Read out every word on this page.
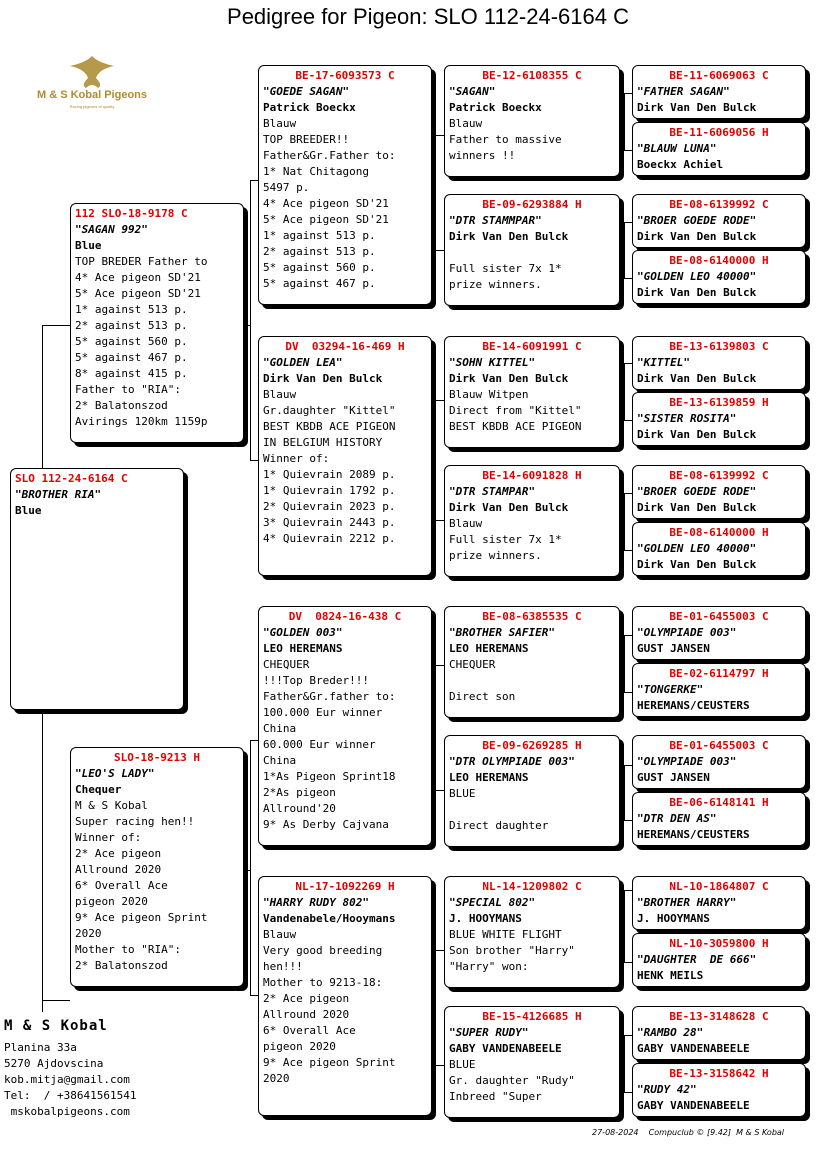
Pedigree for Pigeon: SLO 112-24-6164 C
M & S Kobal Pigeons
Racing pigeons of quality
SLO 112-24-6164 C
"BROTHER RIA"
Blue
112 SLO-18-9178 C
"SAGAN 992"
Blue
TOP BREDER Father to
4* Ace pigeon SD'21
5* Ace pigeon SD'21
1* against 513 p.
2* against 513 p.
5* against 560 p.
5* against 467 p.
8* against 415 p.
Father to "RIA":
2* Balatonszod
Avirings 120km 1159p
SLO-18-9213 H
"LEO'S LADY"
Chequer
M & S Kobal
Super racing hen!!
Winner of:
2* Ace pigeon
Allround 2020
6* Overall Ace
pigeon 2020
9* Ace pigeon Sprint
2020
Mother to "RIA":
2* Balatonszod
BE-17-6093573 C
"GOEDE SAGAN"
Patrick Boeckx
Blauw
TOP BREEDER!!
Father&Gr.Father to:
1* Nat Chitagong
5497 p.
4* Ace pigeon SD'21
5* Ace pigeon SD'21
1* against 513 p.
2* against 513 p.
5* against 560 p.
5* against 467 p.
DV  03294-16-469 H
"GOLDEN LEA"
Dirk Van Den Bulck
Blauw
Gr.daughter "Kittel"
BEST KBDB ACE PIGEON
IN BELGIUM HISTORY
Winner of:
1* Quievrain 2089 p.
1* Quievrain 1792 p.
2* Quievrain 2023 p.
3* Quievrain 2443 p.
4* Quievrain 2212 p.
DV  0824-16-438 C
"GOLDEN 003"
LEO HEREMANS
CHEQUER
!!!Top Breder!!!
Father&Gr.father to:
100.000 Eur winner
China
60.000 Eur winner
China
1*As Pigeon Sprint18
2*As pigeon
Allround'20
9* As Derby Cajvana
NL-17-1092269 H
"HARRY RUDY 802"
Vandenabele/Hooymans
Blauw
Very good breeding
hen!!!
Mother to 9213-18:
2* Ace pigeon
Allround 2020
6* Overall Ace
pigeon 2020
9* Ace pigeon Sprint
2020
BE-12-6108355 C
"SAGAN"
Patrick Boeckx
Blauw
Father to massive
winners !!
BE-09-6293884 H
"DTR STAMMPAR"
Dirk Van Den Bulck
Full sister 7x 1*
prize winners.
BE-14-6091991 C
"SOHN KITTEL"
Dirk Van Den Bulck
Blauw Witpen
Direct from "Kittel"
BEST KBDB ACE PIGEON
BE-14-6091828 H
"DTR STAMPAR"
Dirk Van Den Bulck
Blauw
Full sister 7x 1*
prize winners.
BE-08-6385535 C
"BROTHER SAFIER"
LEO HEREMANS
CHEQUER
Direct son
BE-09-6269285 H
"DTR OLYMPIADE 003"
LEO HEREMANS
BLUE
Direct daughter
NL-14-1209802 C
"SPECIAL 802"
J. HOOYMANS
BLUE WHITE FLIGHT
Son brother "Harry"
"Harry" won:
BE-15-4126685 H
"SUPER RUDY"
GABY VANDENABEELE
BLUE
Gr. daughter "Rudy"
Inbreed "Super
BE-11-6069063 C
"FATHER SAGAN"
Dirk Van Den Bulck
BE-11-6069056 H
"BLAUW LUNA"
Boeckx Achiel
BE-08-6139992 C
"BROER GOEDE RODE"
Dirk Van Den Bulck
BE-08-6140000 H
"GOLDEN LEO 40000"
Dirk Van Den Bulck
BE-13-6139803 C
"KITTEL"
Dirk Van Den Bulck
BE-13-6139859 H
"SISTER ROSITA"
Dirk Van Den Bulck
BE-08-6139992 C
"BROER GOEDE RODE"
Dirk Van Den Bulck
BE-08-6140000 H
"GOLDEN LEO 40000"
Dirk Van Den Bulck
BE-01-6455003 C
"OLYMPIADE 003"
GUST JANSEN
BE-02-6114797 H
"TONGERKE"
HEREMANS/CEUSTERS
BE-01-6455003 C
"OLYMPIADE 003"
GUST JANSEN
BE-06-6148141 H
"DTR DEN AS"
HEREMANS/CEUSTERS
NL-10-1864807 C
"BROTHER HARRY"
J. HOOYMANS
NL-10-3059800 H
"DAUGHTER  DE 666"
HENK MEILS
BE-13-3148628 C
"RAMBO 28"
GABY VANDENABEELE
BE-13-3158642 H
"RUDY 42"
GABY VANDENABEELE
M & S Kobal
Planina 33a
5270 Ajdovscina
kob.mitja@gmail.com
Tel:  / +38641561541
mskobalpigeons.com
27-08-2024 Compuclub © [9.42] M & S Kobal
